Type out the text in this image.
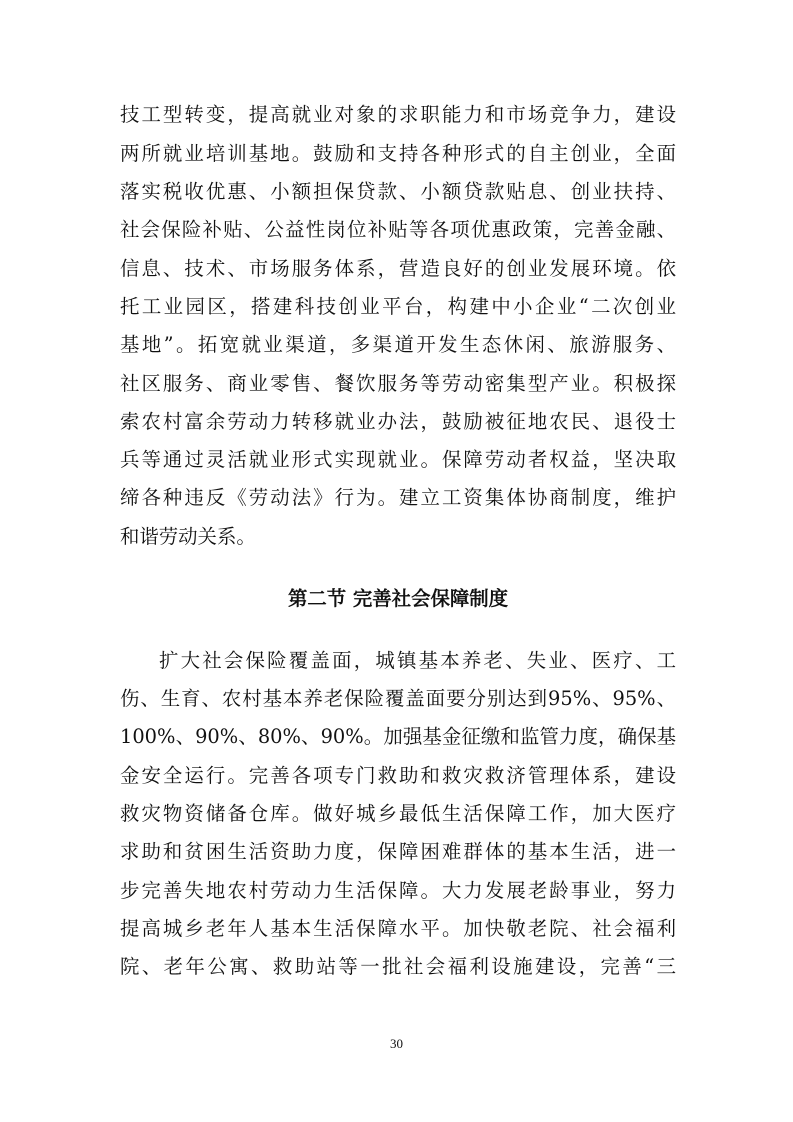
技工型转变，提高就业对象的求职能力和市场竞争力，建设
两所就业培训基地。鼓励和支持各种形式的自主创业，全面
落实税收优惠、小额担保贷款、小额贷款贴息、创业扶持、
社会保险补贴、公益性岗位补贴等各项优惠政策，完善金融、
信息、技术、市场服务体系，营造良好的创业发展环境。依
托工业园区，搭建科技创业平台，构建中小企业“二次创业
基地”。拓宽就业渠道，多渠道开发生态休闲、旅游服务、
社区服务、商业零售、餐饮服务等劳动密集型产业。积极探
索农村富余劳动力转移就业办法，鼓励被征地农民、退役士
兵等通过灵活就业形式实现就业。保障劳动者权益，坚决取
缔各种违反《劳动法》行为。建立工资集体协商制度，维护
和谐劳动关系。
第二节 完善社会保障制度
扩大社会保险覆盖面，城镇基本养老、失业、医疗、工
伤、生育、农村基本养老保险覆盖面要分别达到95%、95%、
100%、90%、80%、90%。加强基金征缴和监管力度，确保基
金安全运行。完善各项专门救助和救灾救济管理体系，建设
救灾物资储备仓库。做好城乡最低生活保障工作，加大医疗
求助和贫困生活资助力度，保障困难群体的基本生活，进一
步完善失地农村劳动力生活保障。大力发展老龄事业，努力
提高城乡老年人基本生活保障水平。加快敬老院、社会福利
院、老年公寓、救助站等一批社会福利设施建设，完善“三
30
